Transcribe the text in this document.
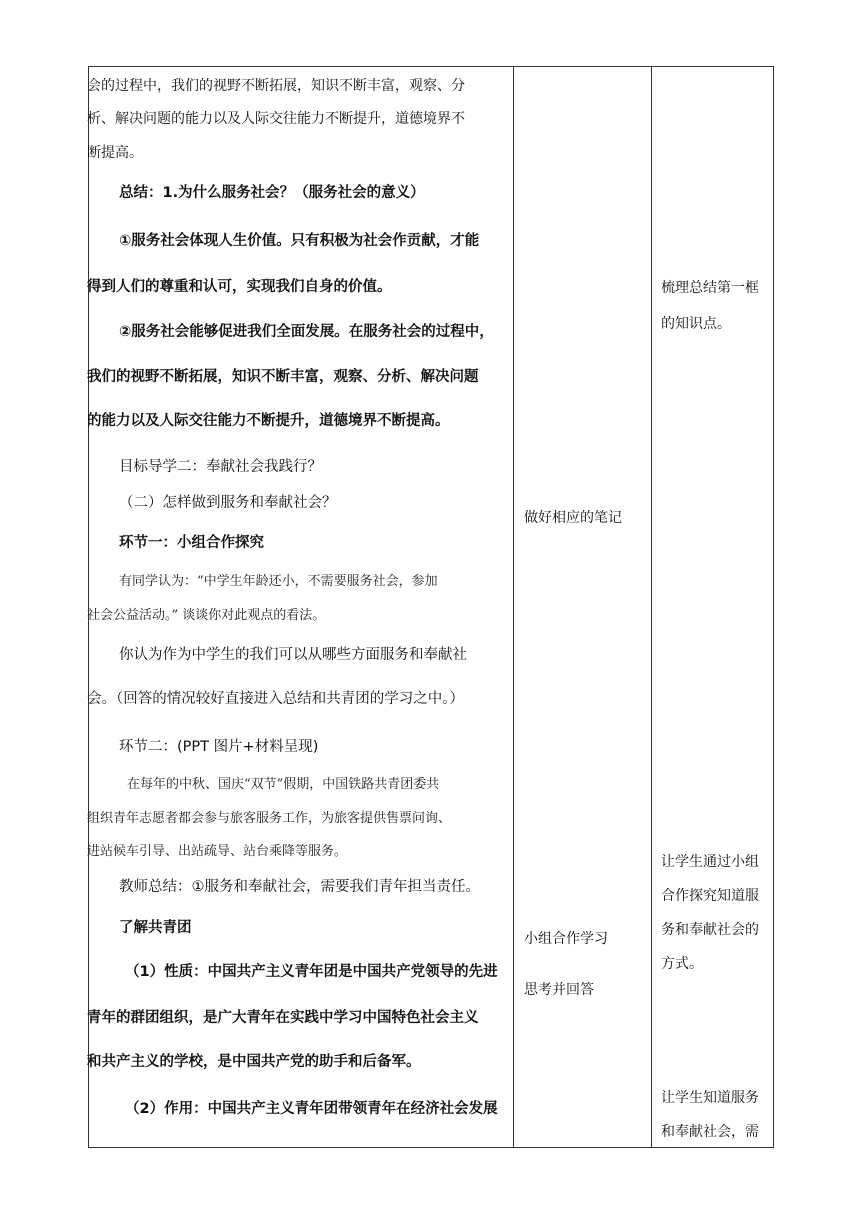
会的过程中，我们的视野不断拓展，知识不断丰富，观察、分
析、解决问题的能力以及人际交往能力不断提升，道德境界不
断提高。
总结：1.为什么服务社会？（服务社会的意义）
①服务社会体现人生价值。只有积极为社会作贡献，才能
得到人们的尊重和认可，实现我们自身的价值。
②服务社会能够促进我们全面发展。在服务社会的过程中，
我们的视野不断拓展，知识不断丰富，观察、分析、解决问题
的能力以及人际交往能力不断提升，道德境界不断提高。
目标导学二：奉献社会我践行？
（二）怎样做到服务和奉献社会？
环节一：小组合作探究
有同学认为：“中学生年龄还小，不需要服务社会，参加
社会公益活动。” 谈谈你对此观点的看法。
你认为作为中学生的我们可以从哪些方面服务和奉献社
会。（回答的情况较好直接进入总结和共青团的学习之中。）
环节二：(PPT 图片+材料呈现)
在每年的中秋、国庆“双节”假期，中国铁路共青团委共
组织青年志愿者都会参与旅客服务工作，为旅客提供售票问询、
进站候车引导、出站疏导、站台乘降等服务。
教师总结：①服务和奉献社会，需要我们青年担当责任。
了解共青团
（1）性质：中国共产主义青年团是中国共产党领导的先进
青年的群团组织，是广大青年在实践中学习中国特色社会主义
和共产主义的学校，是中国共产党的助手和后备军。
（2）作用：中国共产主义青年团带领青年在经济社会发展
做好相应的笔记
小组合作学习
思考并回答
梳理总结第一框
的知识点。
让学生通过小组
合作探究知道服
务和奉献社会的
方式。
让学生知道服务
和奉献社会，需
